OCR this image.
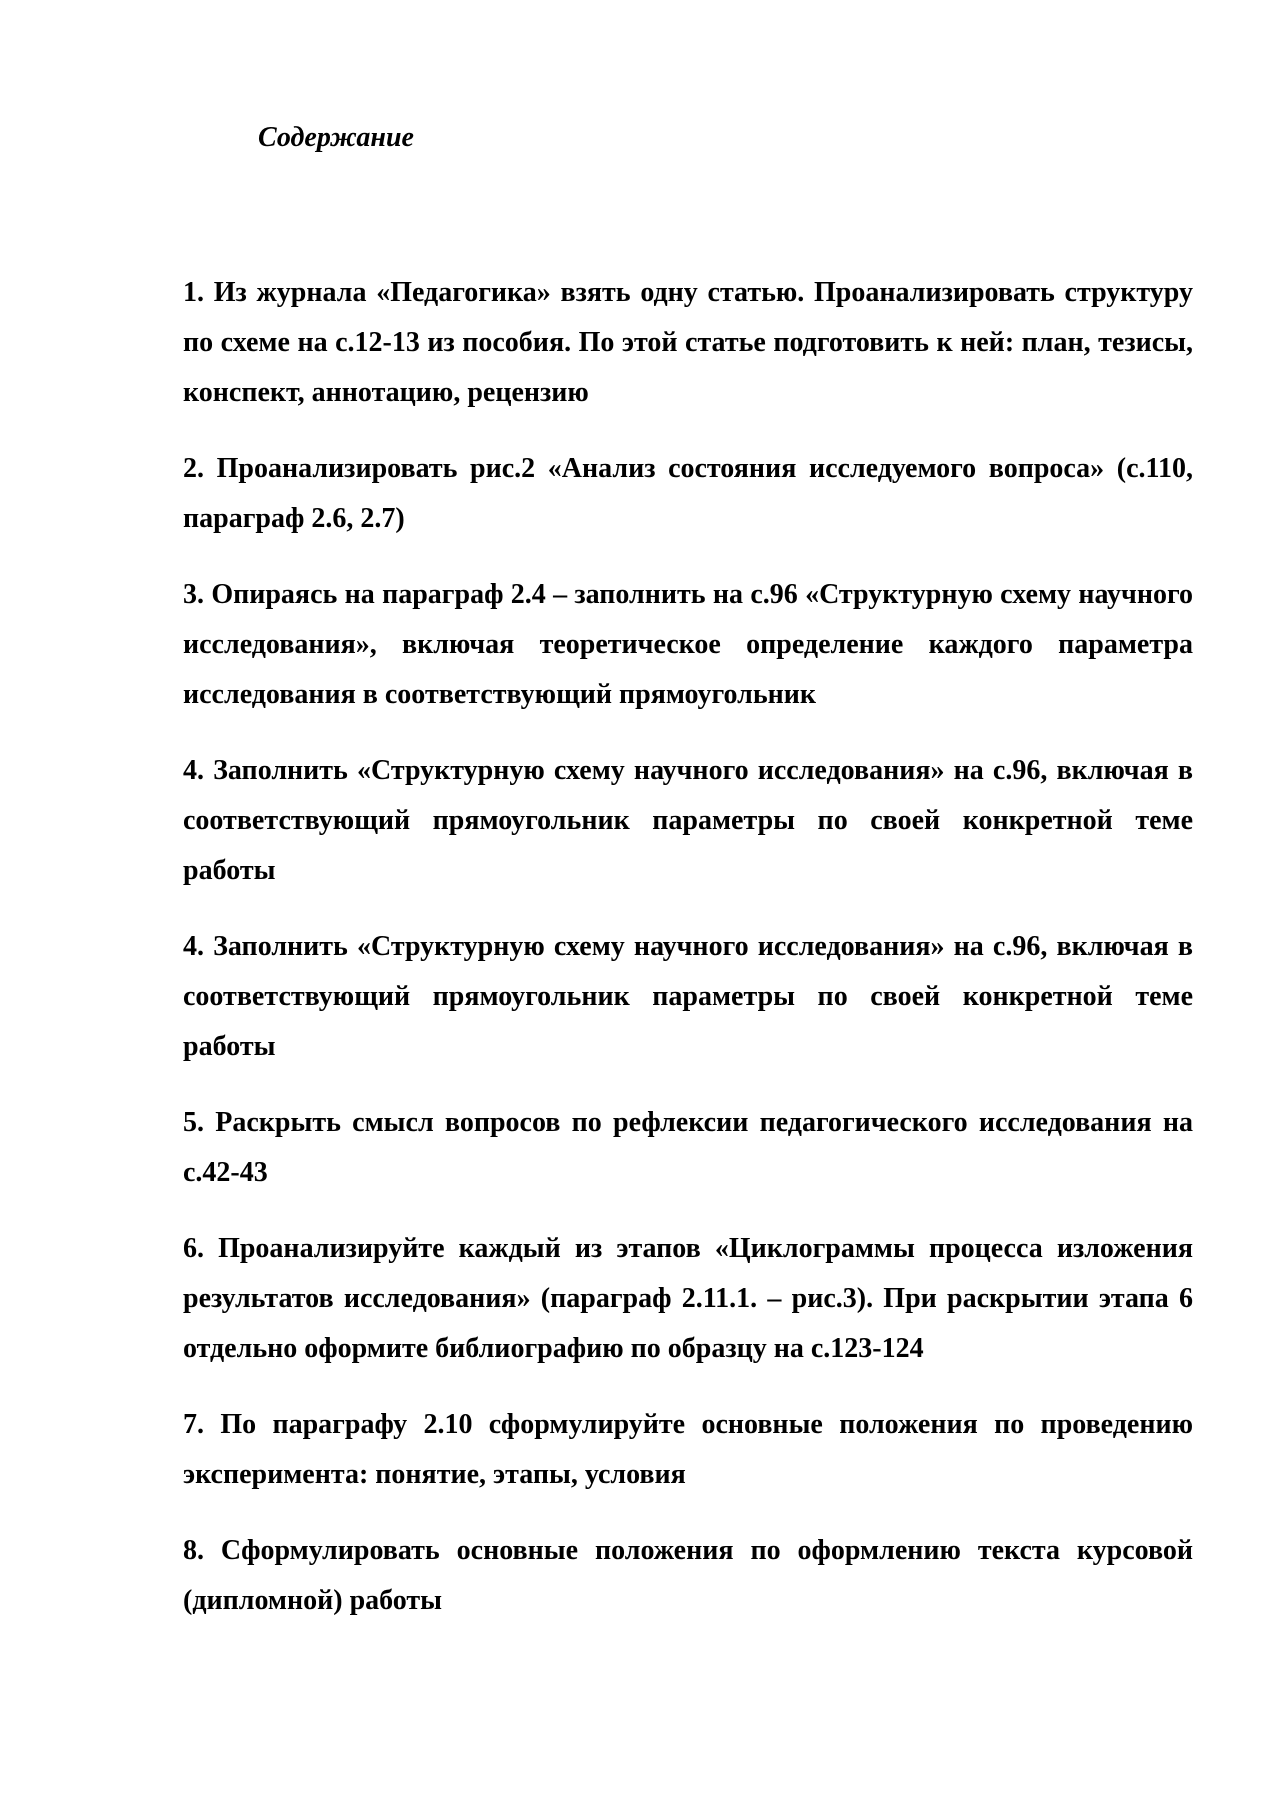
Содержание

1. Из журнала «Педагогика» взять одну статью. Проанализировать структуру по схеме на с.12-13 из пособия. По этой статье подготовить к ней: план, тезисы, конспект, аннотацию, рецензию

2. Проанализировать рис.2 «Анализ состояния исследуемого вопроса» (с.110, параграф 2.6, 2.7)

3. Опираясь на параграф 2.4 – заполнить на с.96 «Структурную схему научного исследования», включая теоретическое определение каждого параметра исследования в соответствующий прямоугольник

4. Заполнить «Структурную схему научного исследования» на с.96, включая в соответствующий прямоугольник параметры по своей конкретной теме работы

4. Заполнить «Структурную схему научного исследования» на с.96, включая в соответствующий прямоугольник параметры по своей конкретной теме работы

5. Раскрыть смысл вопросов по рефлексии педагогического исследования на с.42-43

6. Проанализируйте каждый из этапов «Циклограммы процесса изложения результатов исследования» (параграф 2.11.1. – рис.3). При раскрытии этапа 6 отдельно оформите библиографию по образцу на с.123-124

7. По параграфу 2.10 сформулируйте основные положения по проведению эксперимента: понятие, этапы, условия

8. Сформулировать основные положения по оформлению текста курсовой (дипломной) работы
